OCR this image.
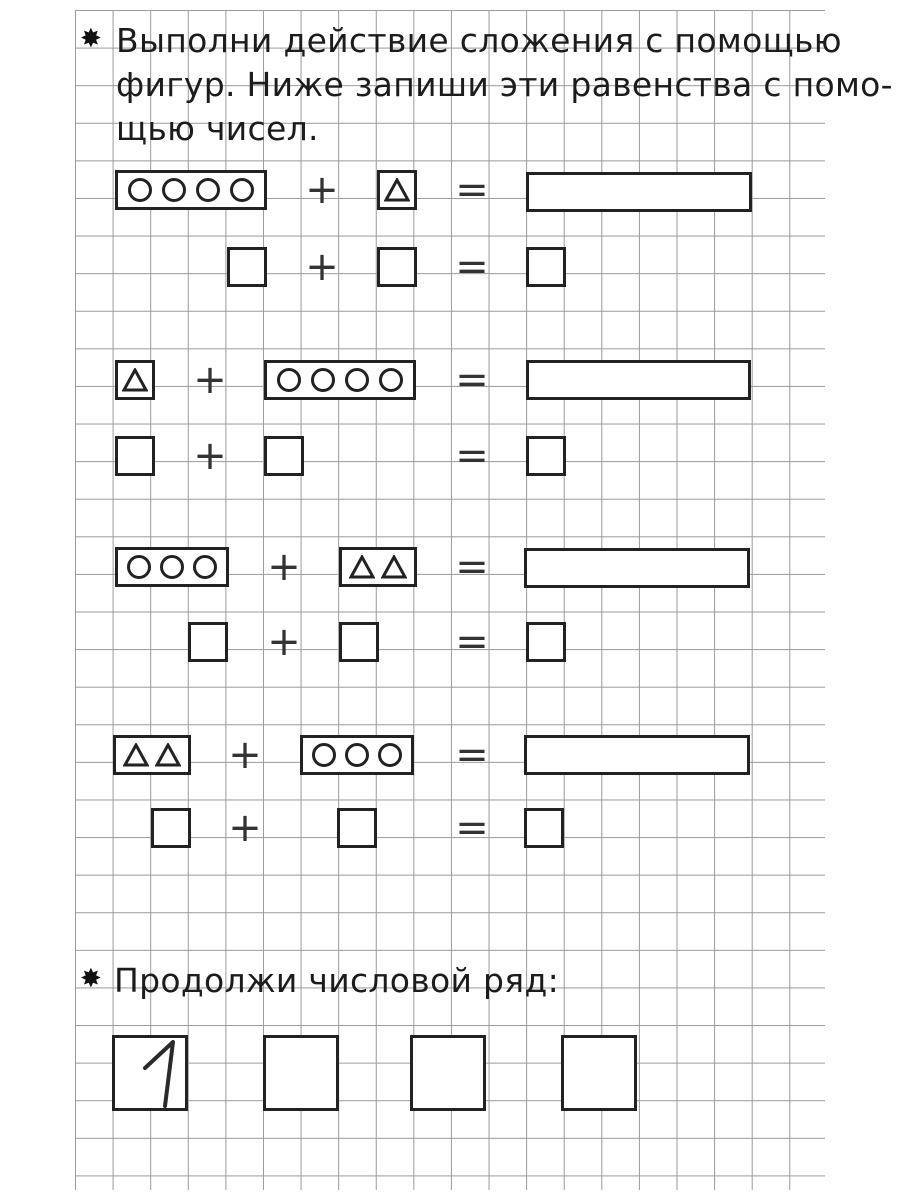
✸ Выполни действие сложения с помощью
фигур. Ниже запиши эти равенства с помо-
щью чисел.
+	=
+	=
+	=
+	=
+	=
+	=
+	=
+	=
✸ Продолжи числовой ряд:
